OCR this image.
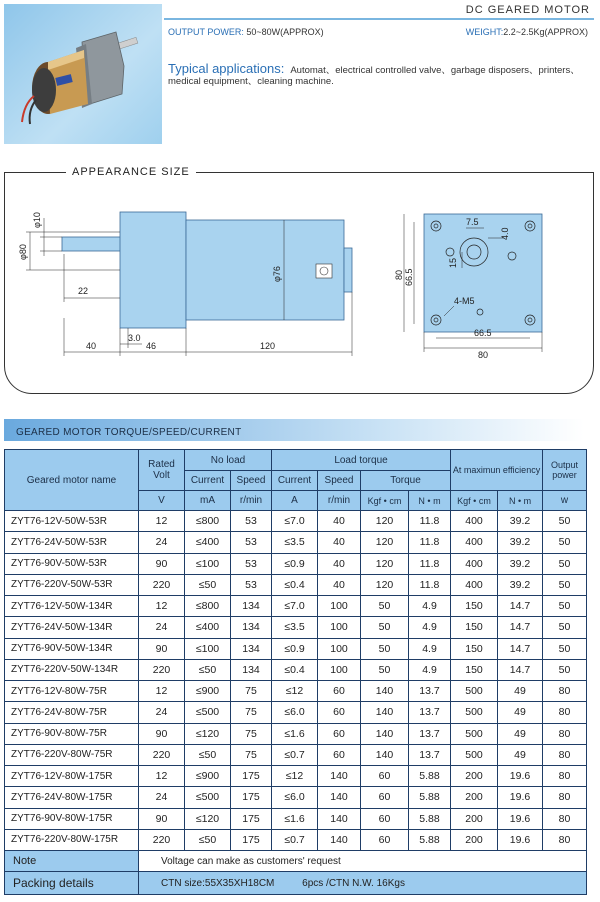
DC GEARED MOTOR
OUTPUT POWER: 50~80W(APPROX)	WEIGHT:2.2~2.5Kg(APPROX)
Typical applications: Automat、electrical controlled valve、garbage disposers、printers、medical equipment、cleaning machine.
APPEARANCE SIZE
φ10
φ80
22
3.0
40	46	120
φ76	80 66.5
66.5
80
7.5
4.0
15
4-M5
GEARED MOTOR TORQUE/SPEED/CURRENT
Geared motor name	Rated Volt	No load		Load torque				At maximun efficiency		Output power
		Current	Speed	Current	Speed	Torque				
	V	mA	r/min	A	r/min	Kgf • cm	N • m	Kgf • cm	N • m	w
ZYT76-12V-50W-53R	12	≤800	53	≤7.0	40	120	11.8	400	39.2	50
ZYT76-24V-50W-53R	24	≤400	53	≤3.5	40	120	11.8	400	39.2	50
ZYT76-90V-50W-53R	90	≤100	53	≤0.9	40	120	11.8	400	39.2	50
ZYT76-220V-50W-53R	220	≤50	53	≤0.4	40	120	11.8	400	39.2	50
ZYT76-12V-50W-134R	12	≤800	134	≤7.0	100	50	4.9	150	14.7	50
ZYT76-24V-50W-134R	24	≤400	134	≤3.5	100	50	4.9	150	14.7	50
ZYT76-90V-50W-134R	90	≤100	134	≤0.9	100	50	4.9	150	14.7	50
ZYT76-220V-50W-134R	220	≤50	134	≤0.4	100	50	4.9	150	14.7	50
ZYT76-12V-80W-75R	12	≤900	75	≤12	60	140	13.7	500	49	80
ZYT76-24V-80W-75R	24	≤500	75	≤6.0	60	140	13.7	500	49	80
ZYT76-90V-80W-75R	90	≤120	75	≤1.6	60	140	13.7	500	49	80
ZYT76-220V-80W-75R	220	≤50	75	≤0.7	60	140	13.7	500	49	80
ZYT76-12V-80W-175R	12	≤900	175	≤12	140	60	5.88	200	19.6	80
ZYT76-24V-80W-175R	24	≤500	175	≤6.0	140	60	5.88	200	19.6	80
ZYT76-90V-80W-175R	90	≤120	175	≤1.6	140	60	5.88	200	19.6	80
ZYT76-220V-80W-175R	220	≤50	175	≤0.7	140	60	5.88	200	19.6	80
Note	Voltage can make as customers' request									
Packing details	CTN size:55X35XH18CM          6pcs /CTN N.W. 16Kgs									
